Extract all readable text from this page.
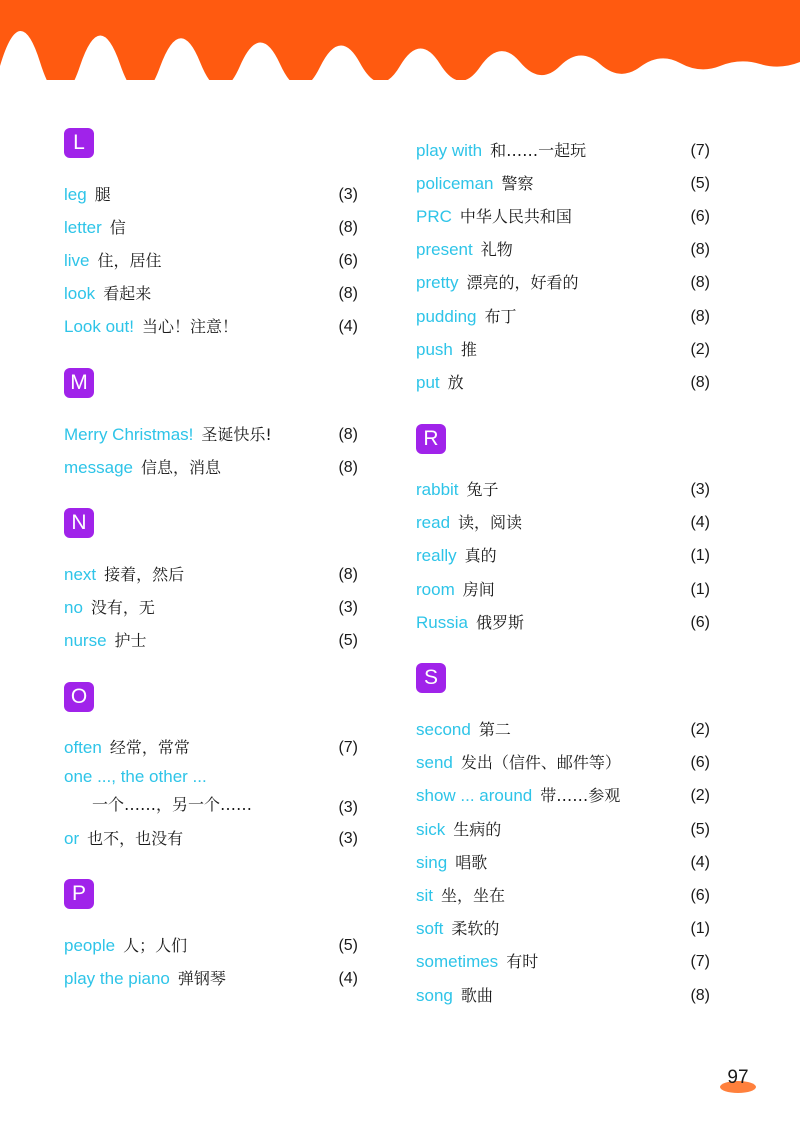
L
leg 腿	(3)
letter 信	(8)
live 住，居住	(6)
look 看起来	(8)
Look out! 当心！注意！	(4)
M
Merry Christmas! 圣诞快乐!	(8)
message 信息，消息	(8)
N
next 接着，然后	(8)
no 没有，无	(3)
nurse 护士	(5)
O
often 经常，常常	(7)
one ..., the other ...
一个……，另一个……	(3)
or 也不，也没有	(3)
P
people 人；人们	(5)
play the piano 弹钢琴	(4)
play with 和……一起玩	(7)
policeman 警察	(5)
PRC 中华人民共和国	(6)
present 礼物	(8)
pretty 漂亮的，好看的	(8)
pudding 布丁	(8)
push 推	(2)
put 放	(8)
R
rabbit 兔子	(3)
read 读，阅读	(4)
really 真的	(1)
room 房间	(1)
Russia 俄罗斯	(6)
S
second 第二	(2)
send 发出（信件、邮件等）	(6)
show ... around 带……参观	(2)
sick 生病的	(5)
sing 唱歌	(4)
sit 坐，坐在	(6)
soft 柔软的	(1)
sometimes 有时	(7)
song 歌曲	(8)
97
